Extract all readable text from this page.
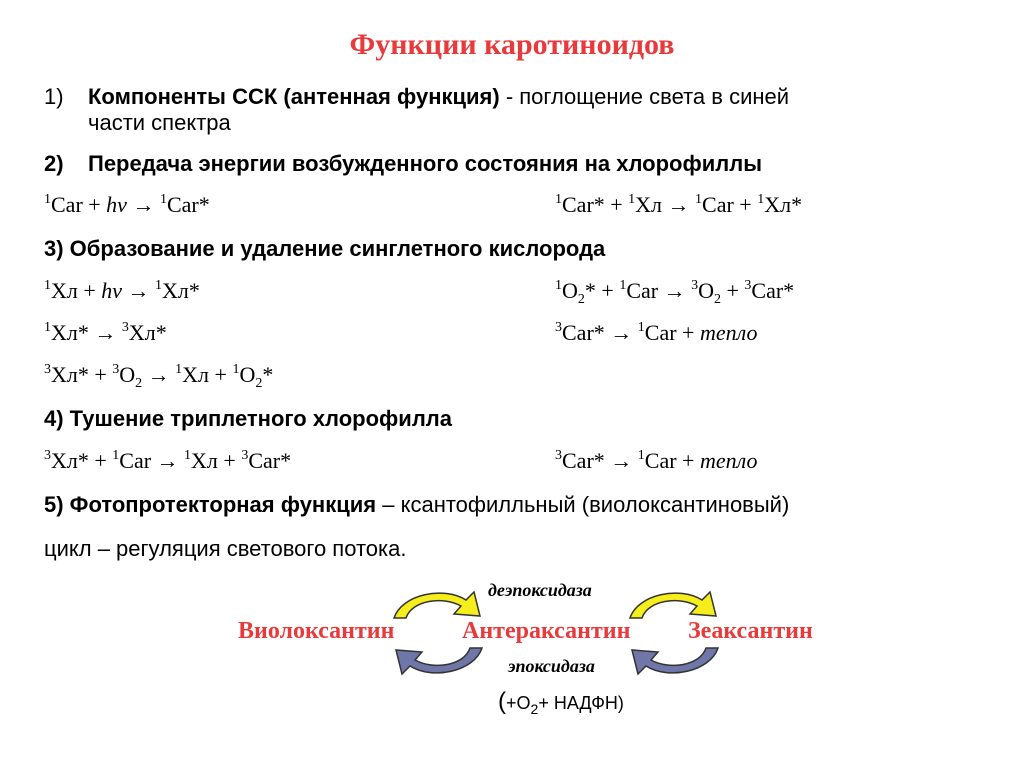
Функции каротиноидов
1) Компоненты ССК (антенная функция) - поглощение света в синей
части спектра
2) Передача энергии возбужденного состояния на хлорофиллы
$^1$Car + hv → $^1$Car*	$^1$Car* + $^1$Хл → $^1$Car + $^1$Хл*
3) Образование и удаление синглетного кислорода
$^1$Хл + hv → $^1$Хл*	$^1O_2* + ^1Car \to ^3O_2 + ^3Car*$
$^1$Хл* → $^3$Хл*	$^3$Car* → $^1$Car + тепло
$^3Хл* + ^3O_2 \to ^1Хл + ^1O_2*$
4) Тушение триплетного хлорофилла
$^3$Хл* + $^1$Car → $^1$Хл + $^3$Car*	$^3$Car* → $^1$Car + тепло
5) Фотопротекторная функция – ксантофилльный (виолоксантиновый)
цикл – регуляция светового потока.
деэпоксидаза
Виолоксантин	Антераксантин Зеаксантин
эпоксидаза
($+O_2+$ НАДФН)
